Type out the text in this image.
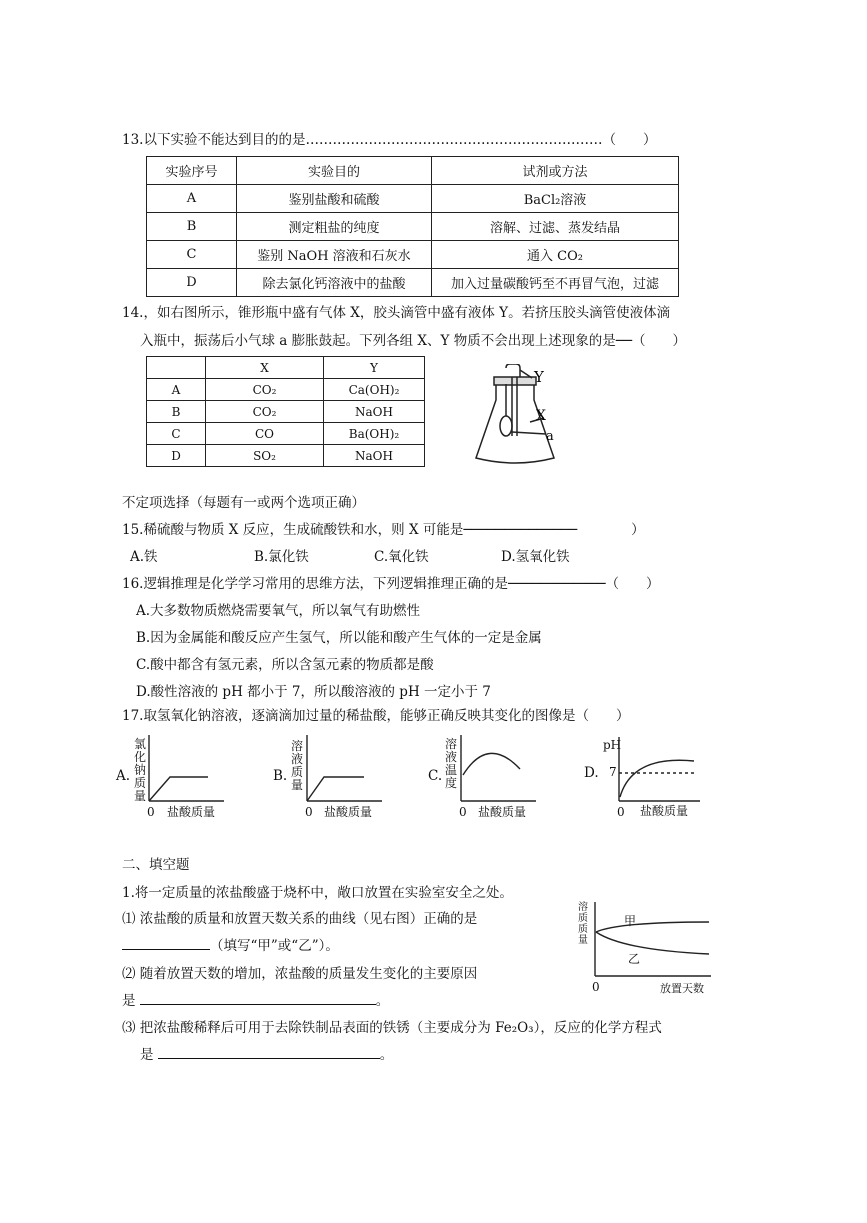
13.以下实验不能达到目的的是…………………………………………………………（　　）
实验序号	实验目的	试剂或方法
A	鉴别盐酸和硫酸	BaCl₂溶液
B	测定粗盐的纯度	溶解、过滤、蒸发结晶
C	鉴别 NaOH 溶液和石灰水	通入 CO₂
D	除去氯化钙溶液中的盐酸	加入过量碳酸钙至不再冒气泡，过滤
14.，如右图所示，锥形瓶中盛有气体 X，胶头滴管中盛有液体 Y。若挤压胶头滴管使液体滴
入瓶中，振荡后小气球 a 膨胀鼓起。下列各组 X、Y 物质不会出现上述现象的是──（　　）
	X	Y
A	CO₂	Ca(OH)₂
B	CO₂	NaOH
C	CO	Ba(OH)₂
D	SO₂	NaOH
Y
X
a
不定项选择（每题有一或两个选项正确）
15.稀硫酸与物质 X 反应，生成硫酸铁和水，则 X 可能是──────────────　　　　）
A.铁	B.氯化铁	C.氧化铁	D.氢氧化铁
16.逻辑推理是化学学习常用的思维方法，下列逻辑推理正确的是────────────（　　）
A.大多数物质燃烧需要氧气，所以氧气有助燃性
B.因为金属能和酸反应产生氢气，所以能和酸产生气体的一定是金属
C.酸中都含有氢元素，所以含氢元素的物质都是酸
D.酸性溶液的 pH 都小于 7，所以酸溶液的 pH 一定小于 7
17.取氢氧化钠溶液，逐滴滴加过量的稀盐酸，能够正确反映其变化的图像是（　　）
A.
氯化钠质量
0 盐酸质量
B.
溶液质量
0 盐酸质量
C.
溶液温度
0 盐酸质量
D.
pH
7
0 盐酸质量
二、填空题
1.将一定质量的浓盐酸盛于烧杯中，敞口放置在实验室安全之处。
⑴ 浓盐酸的质量和放置天数关系的曲线（见右图）正确的是
（填写“甲”或“乙”）。
⑵ 随着放置天数的增加，浓盐酸的质量发生变化的主要原因
是	。
⑶ 把浓盐酸稀释后可用于去除铁制品表面的铁锈（主要成分为 Fe₂O₃），反应的化学方程式
是	。
溶质质量
甲
乙
0	放置天数
